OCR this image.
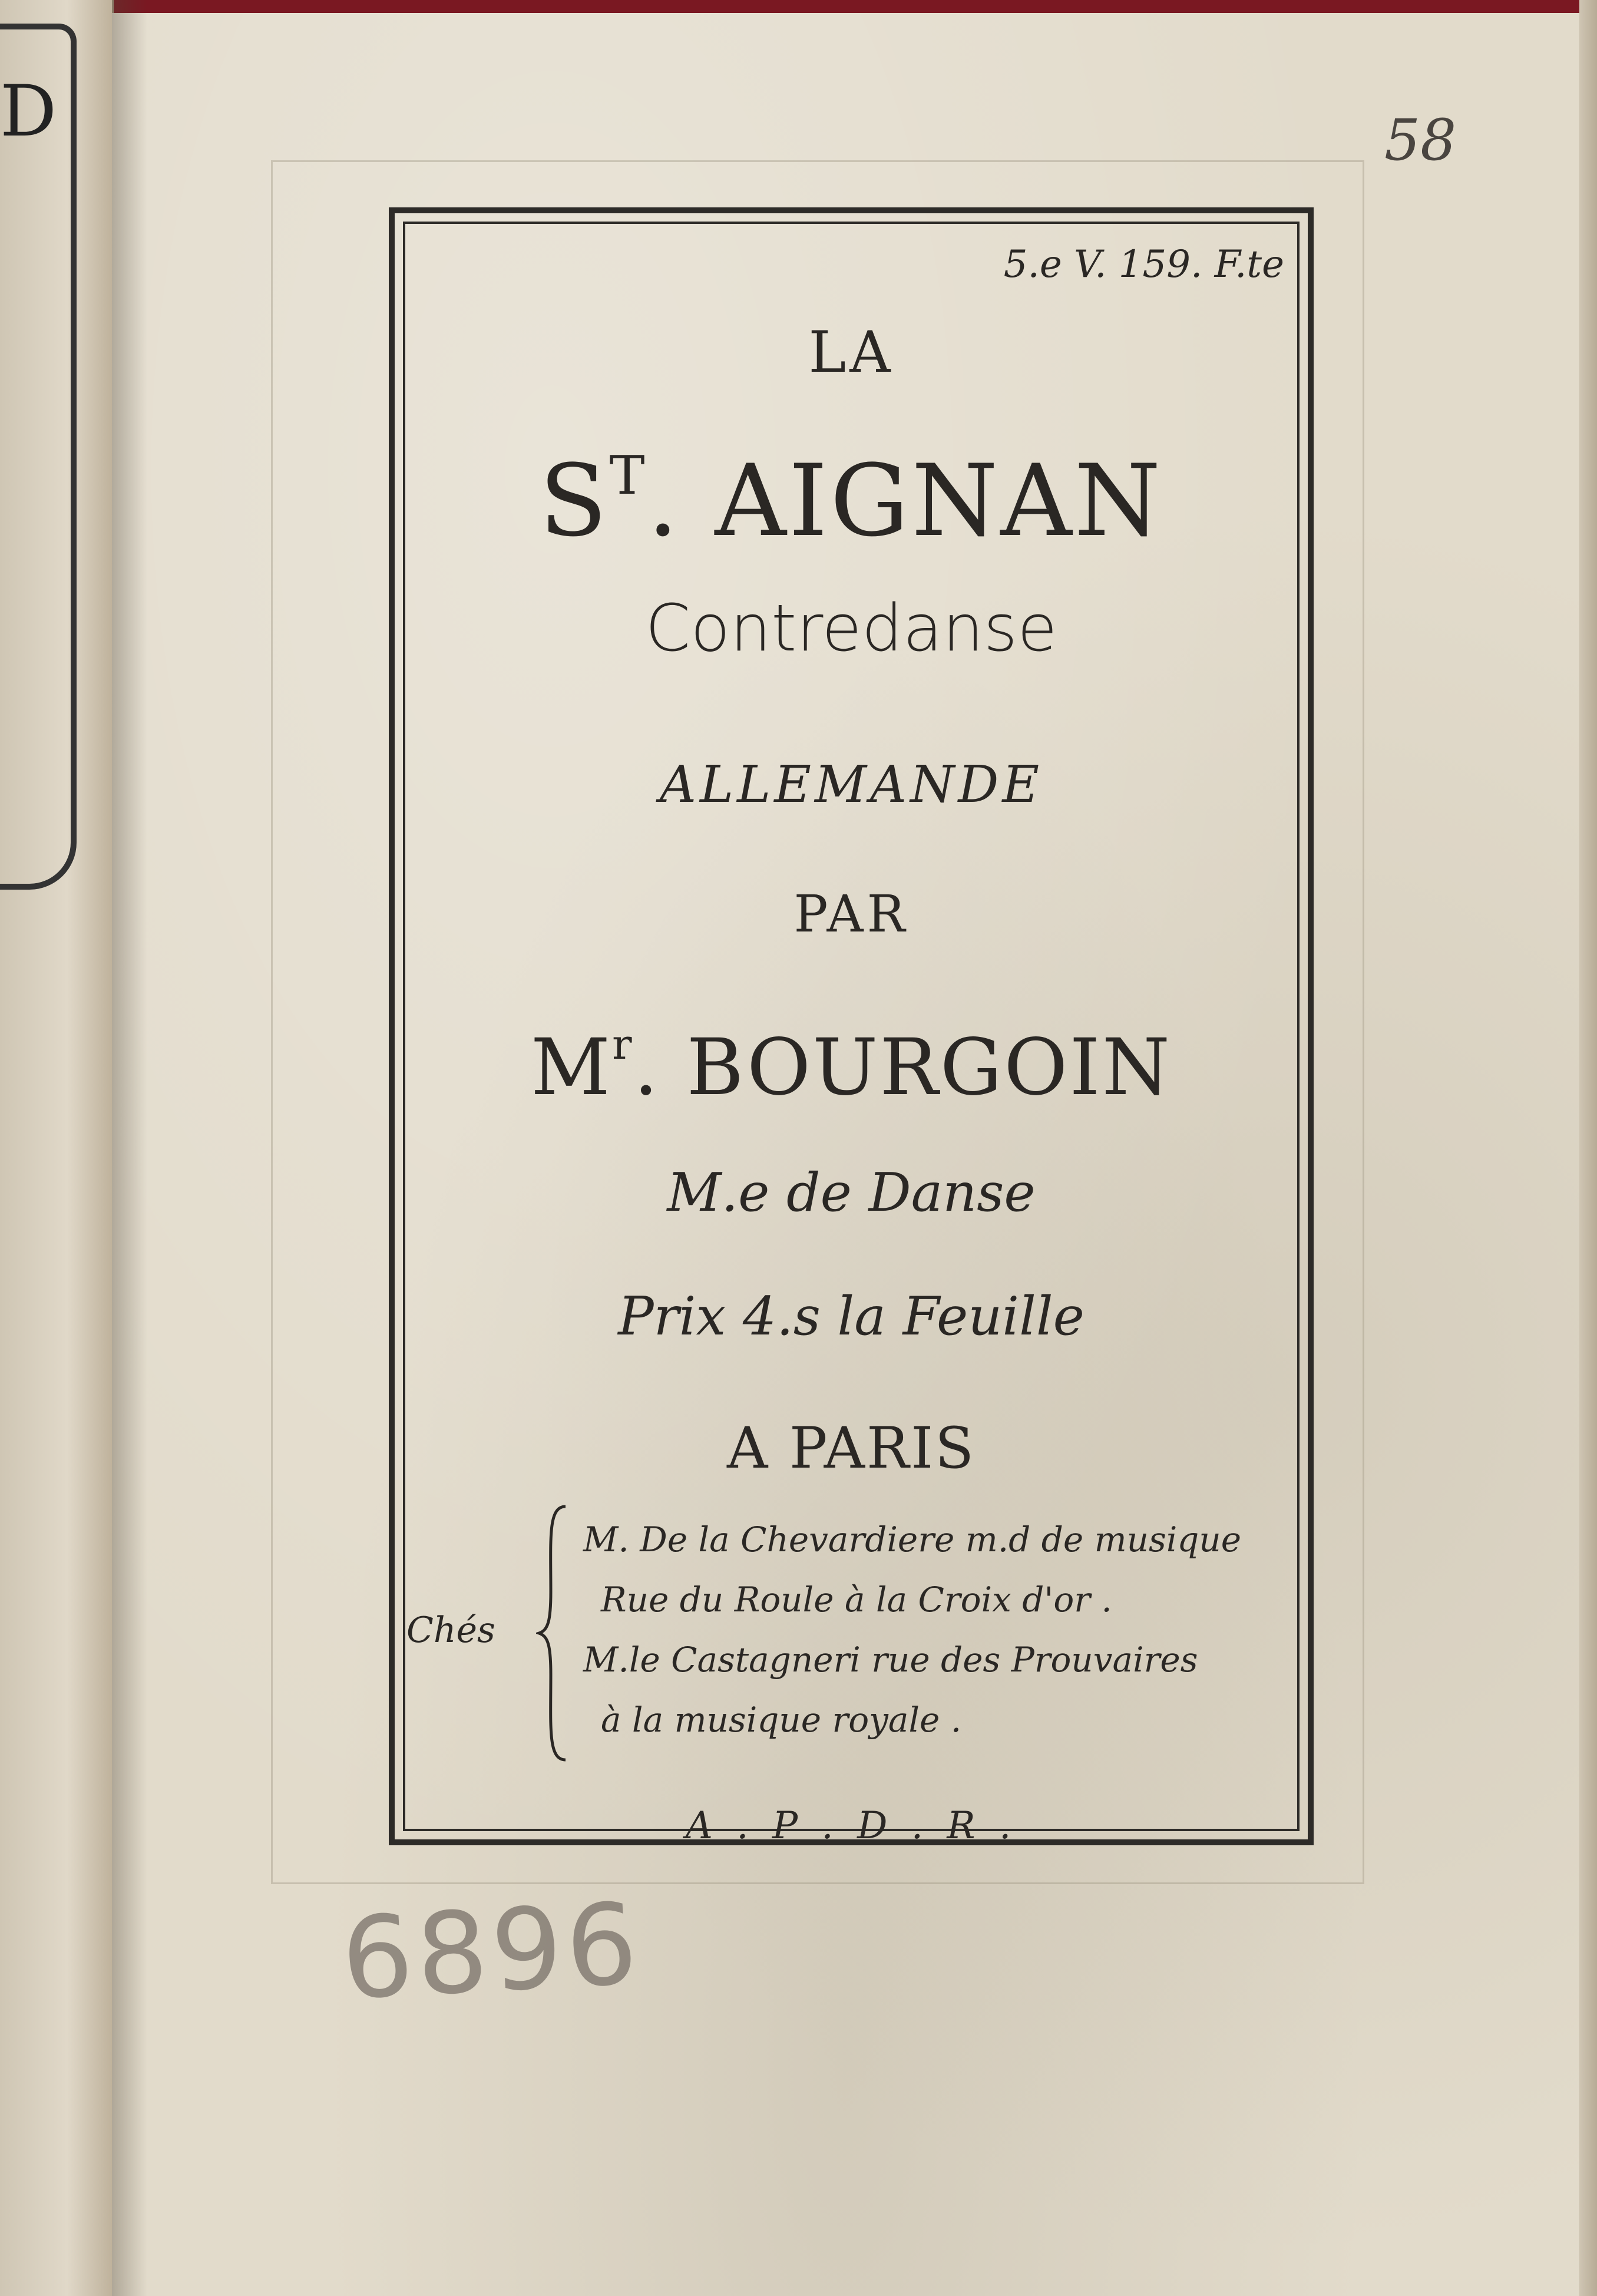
D	58
5.e V. 159. F.te
LA
$S^T$. AIGNAN
Contredanse
ALLEMANDE
PAR
$M^r$. BOURGOIN
M.e de Danse
Prix 4.s la Feuille
A PARIS
Chés
M. De la Chevardiere m.d de musique
Rue du Roule à la Croix d'or .
M.le Castagneri rue des Prouvaires
à la musique royale .
A . P . D . R .
6896
